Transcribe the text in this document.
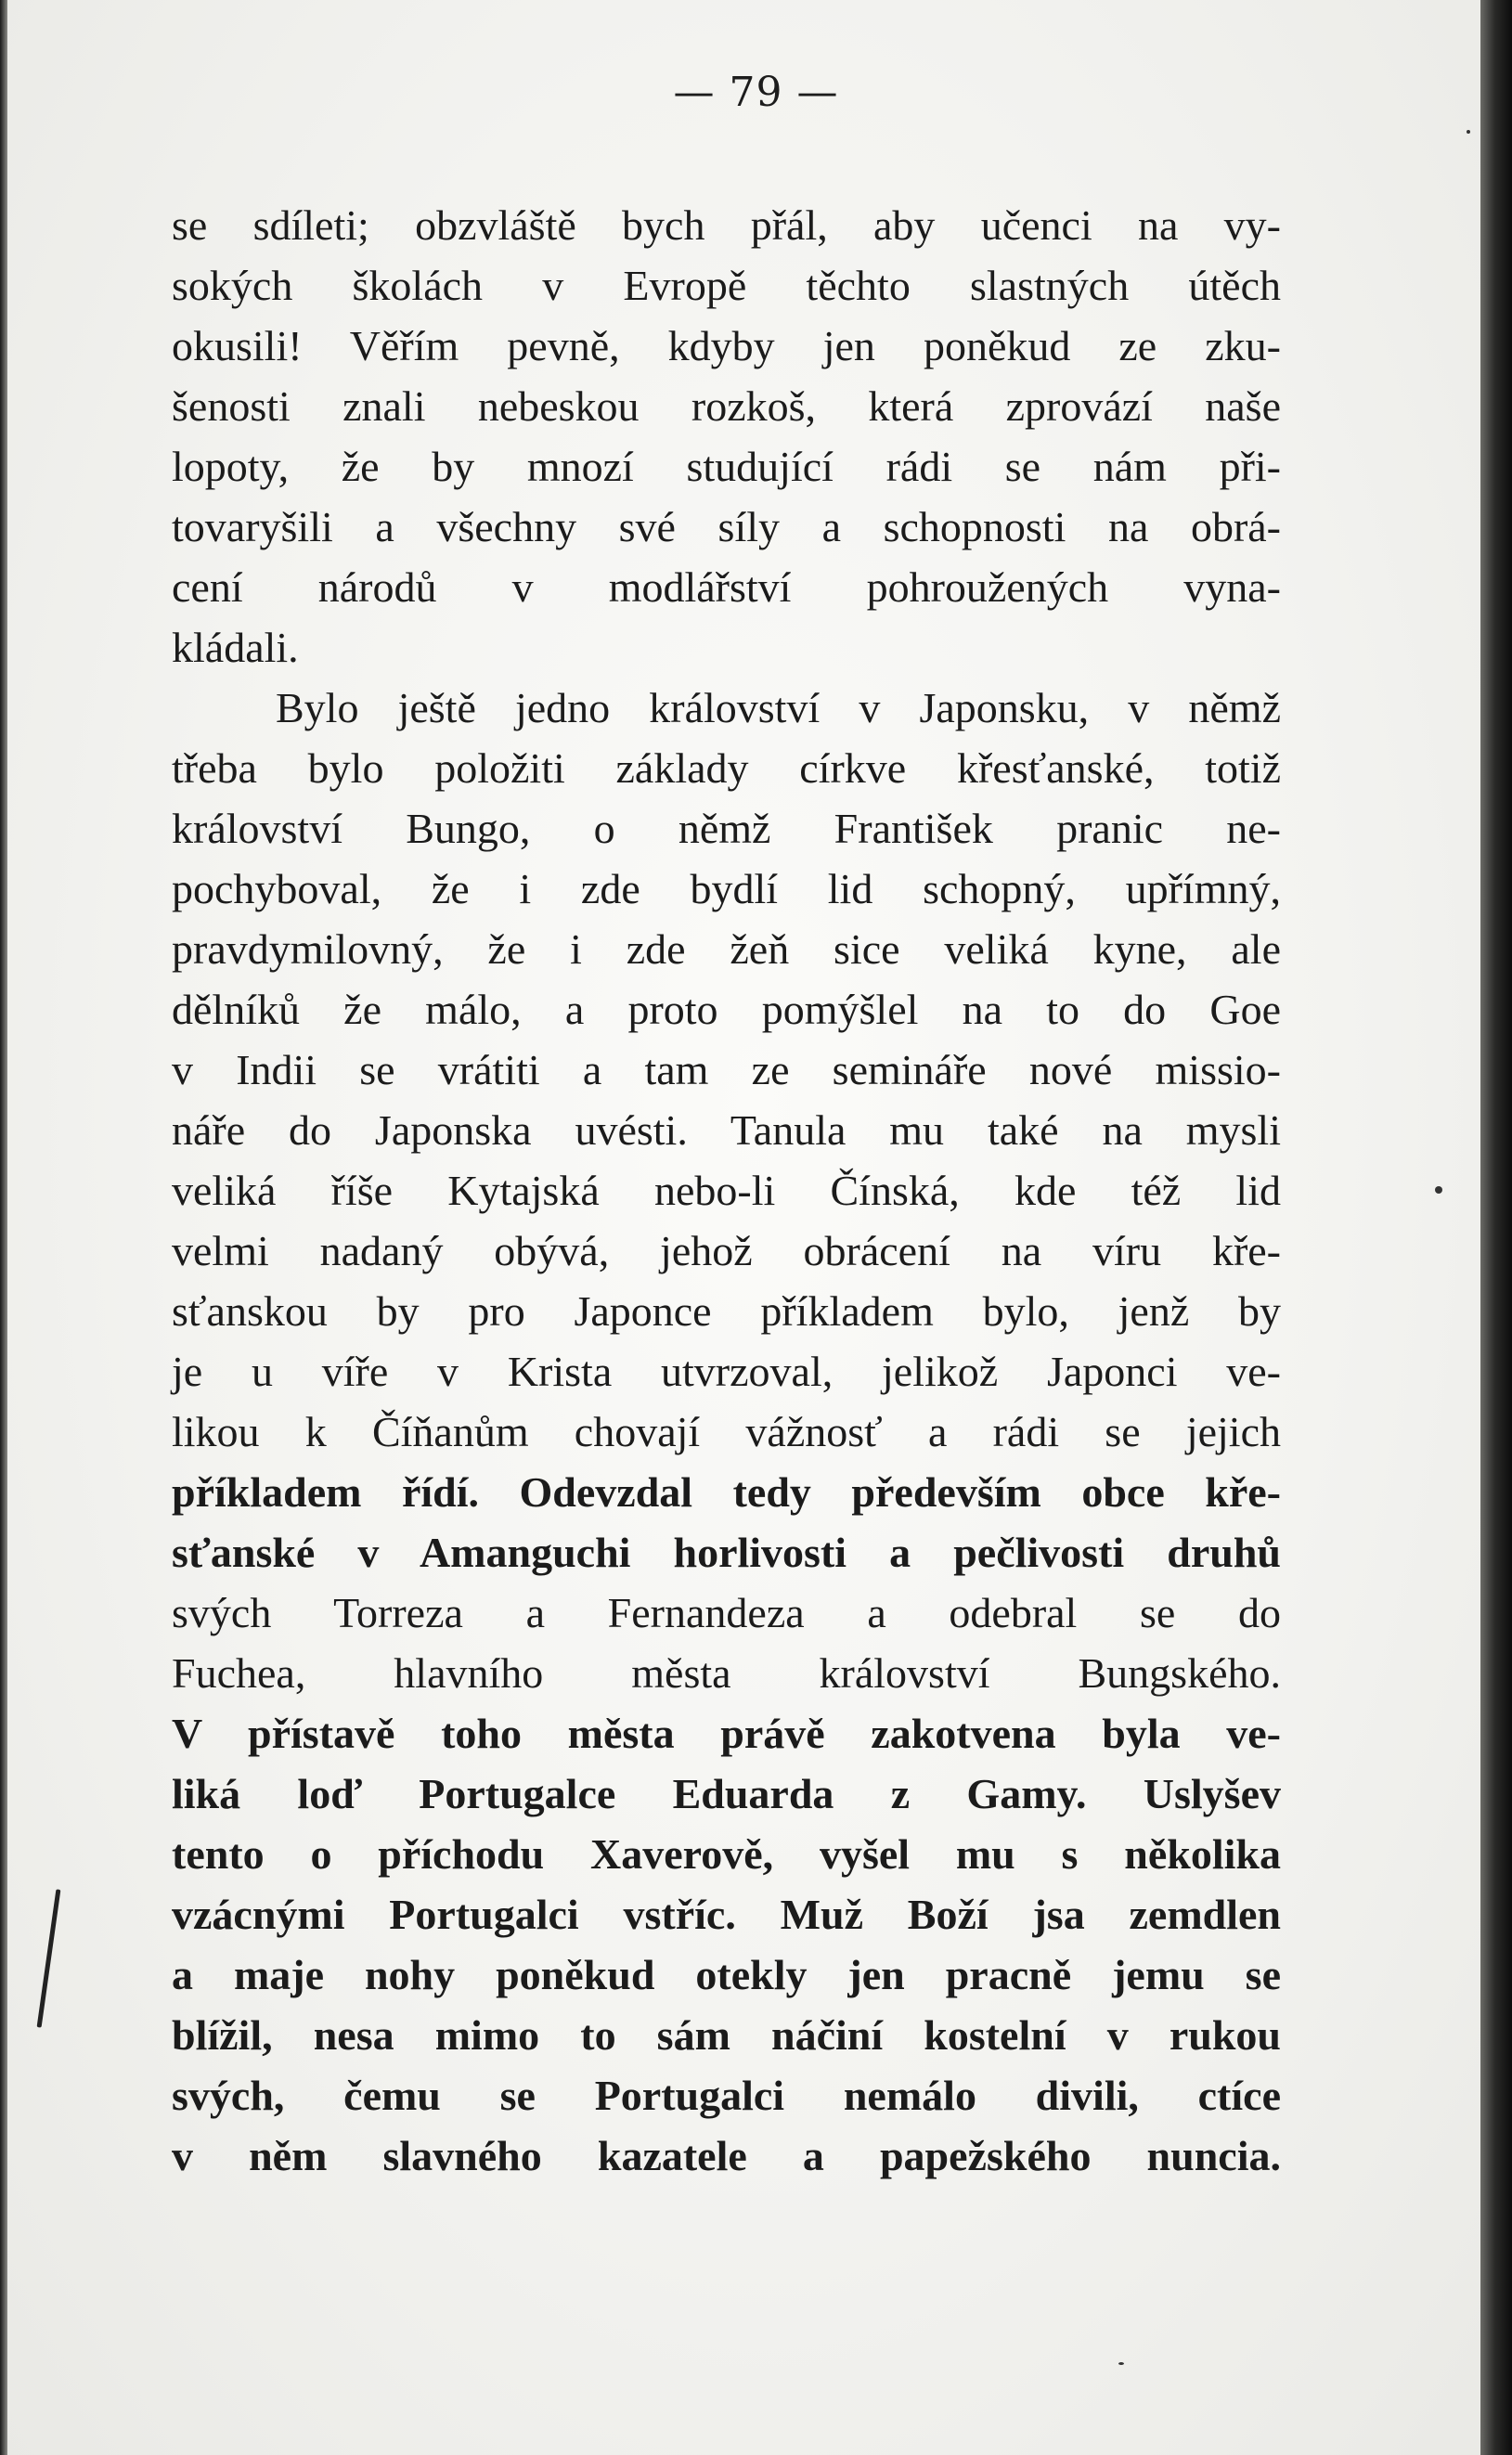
— 79 —

se sdíleti; obzvláště bych přál, aby učenci na vy-

sokých školách v Evropě těchto slastných útěch

okusili! Věřím pevně, kdyby jen poněkud ze zku-

šenosti znali nebeskou rozkoš, která zprovází naše

lopoty, že by mnozí studující rádi se nám při-

tovaryšili a všechny své síly a schopnosti na obrá-

cení národů v modlářství pohroužených vyna-

kládali.

Bylo ještě jedno království v Japonsku, v němž

třeba bylo položiti základy církve křesťanské, totiž

království Bungo, o němž František pranic ne-

pochyboval, že i zde bydlí lid schopný, upřímný,

pravdymilovný, že i zde žeň sice veliká kyne, ale

dělníků že málo, a proto pomýšlel na to do Goe

v Indii se vrátiti a tam ze semináře nové missio-

náře do Japonska uvésti. Tanula mu také na mysli

veliká říše Kytajská nebo-li Čínská, kde též lid

velmi nadaný obývá, jehož obrácení na víru kře-

sťanskou by pro Japonce příkladem bylo, jenž by

je u víře v Krista utvrzoval, jelikož Japonci ve-

likou k Číňanům chovají vážnosť a rádi se jejich

příkladem řídí. Odevzdal tedy především obce kře-

sťanské v Amanguchi horlivosti a pečlivosti druhů

svých Torreza a Fernandeza a odebral se do

Fuchea, hlavního města království Bungského.

V přístavě toho města právě zakotvena byla ve-

liká loď Portugalce Eduarda z Gamy. Uslyšev

tento o příchodu Xaverově, vyšel mu s několika

vzácnými Portugalci vstříc. Muž Boží jsa zemdlen

a maje nohy poněkud otekly jen pracně jemu se

blížil, nesa mimo to sám náčiní kostelní v rukou

svých, čemu se Portugalci nemálo divili, ctíce

v něm slavného kazatele a papežského nuncia.
